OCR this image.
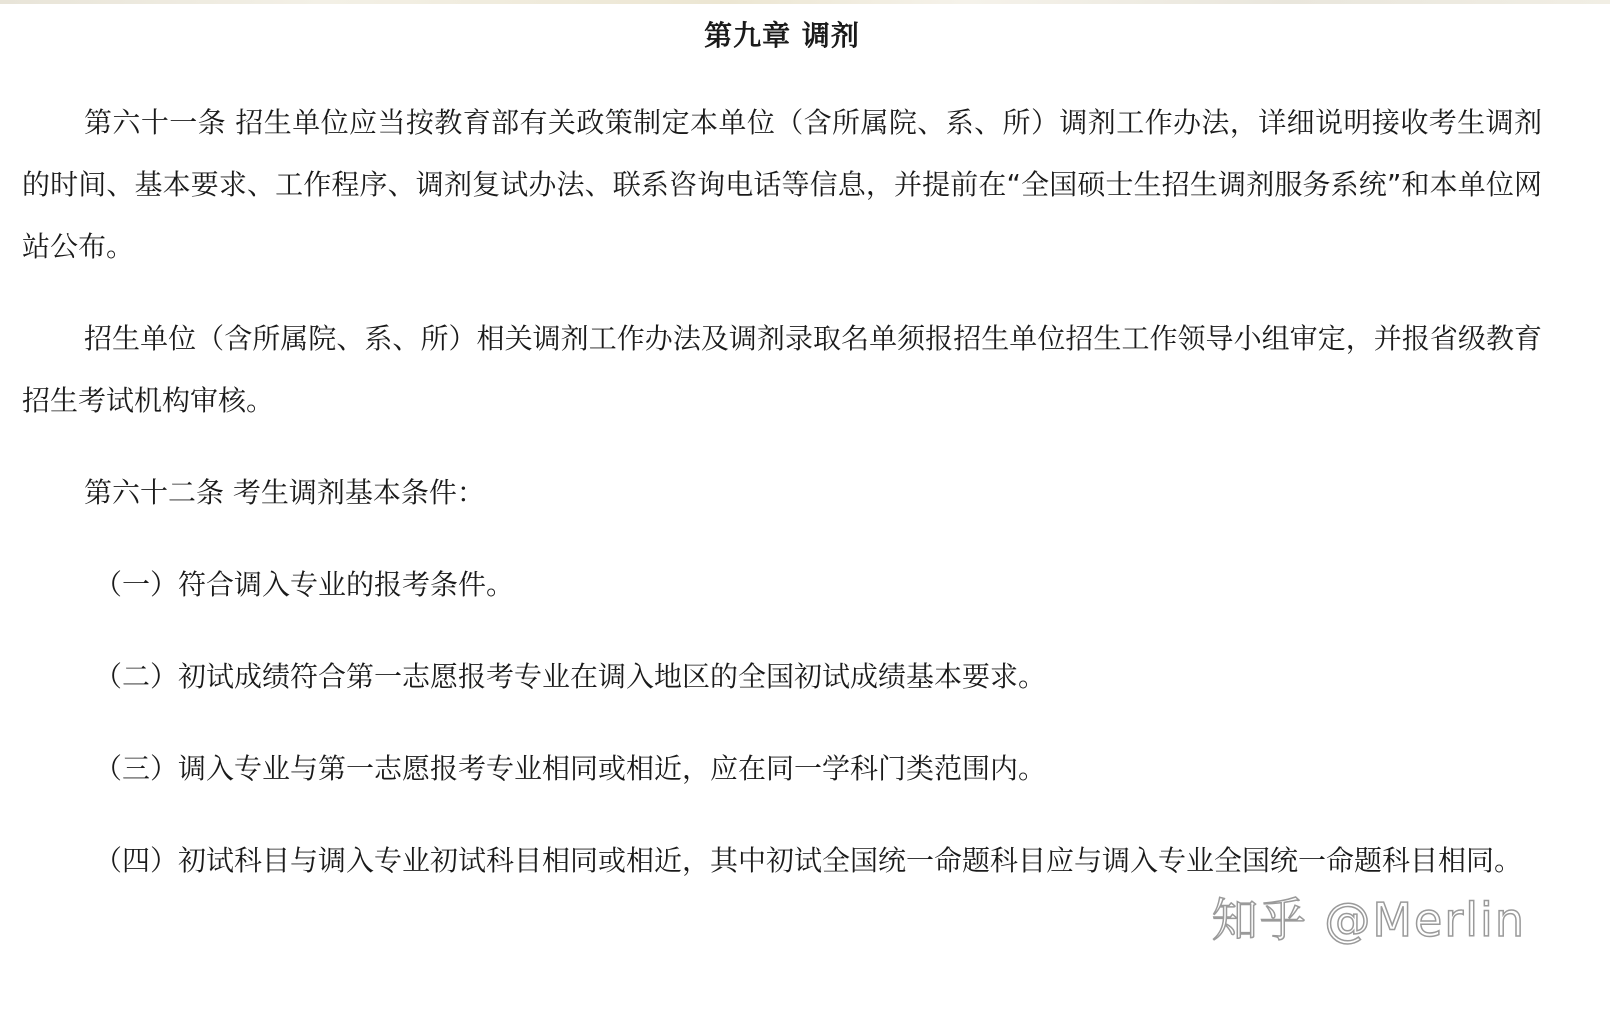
第九章 调剂

第六十一条 招生单位应当按教育部有关政策制定本单位（含所属院、系、所）调剂工作办法，详细说明接收考生调剂的时间、基本要求、工作程序、调剂复试办法、联系咨询电话等信息，并提前在“全国硕士生招生调剂服务系统”和本单位网站公布。

招生单位（含所属院、系、所）相关调剂工作办法及调剂录取名单须报招生单位招生工作领导小组审定，并报省级教育招生考试机构审核。

第六十二条 考生调剂基本条件：

（一）符合调入专业的报考条件。

（二）初试成绩符合第一志愿报考专业在调入地区的全国初试成绩基本要求。

（三）调入专业与第一志愿报考专业相同或相近，应在同一学科门类范围内。

（四）初试科目与调入专业初试科目相同或相近，其中初试全国统一命题科目应与调入专业全国统一命题科目相同。

知乎 @Merlin
